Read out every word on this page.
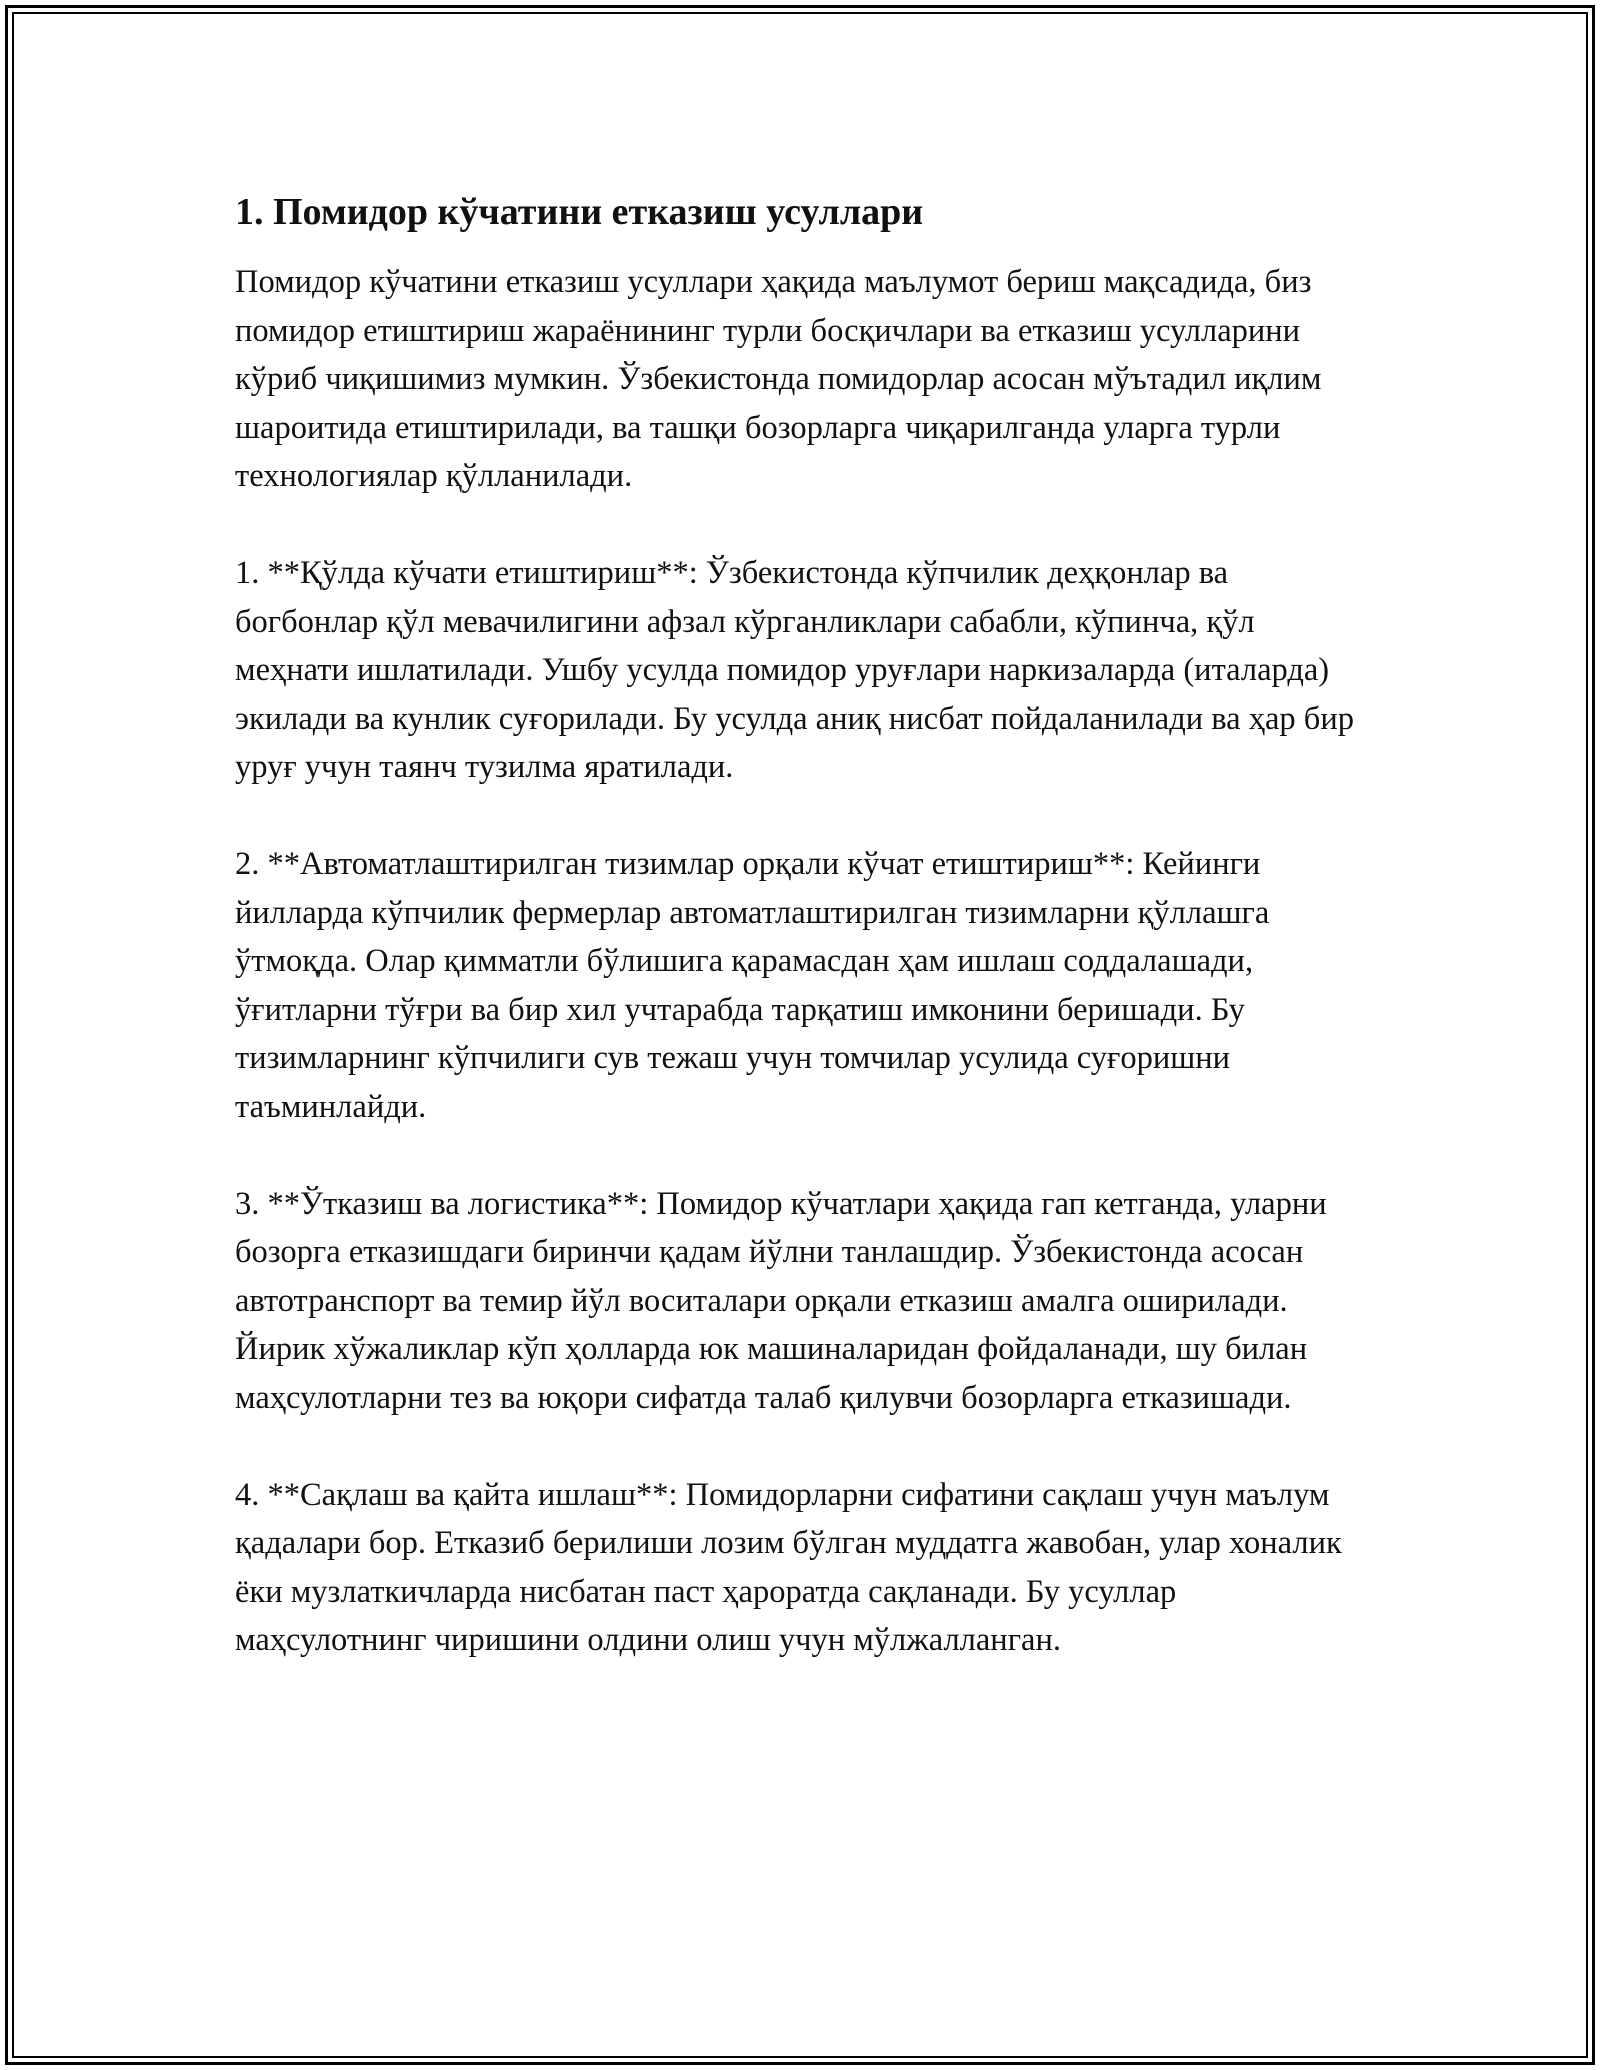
1. Помидор кўчатини етказиш усуллари

Помидор кўчатини етказиш усуллари ҳақида маълумот бериш мақсадида, биз помидор етиштириш жараёнининг турли босқичлари ва етказиш усулларини кўриб чиқишимиз мумкин. Ўзбекистонда помидорлар асосан мўътадил иқлим шароитида етиштирилади, ва ташқи бозорларга чиқарилганда уларга турли технологиялар қўлланилади.

1. **Қўлда кўчати етиштириш**: Ўзбекистонда кўпчилик деҳқонлар ва богбонлар қўл мевачилигини афзал кўрганликлари сабабли, кўпинча, қўл меҳнати ишлатилади. Ушбу усулда помидор уруғлари наркизаларда (италарда) экилади ва кунлик суғорилади. Бу усулда аниқ нисбат пойдаланилади ва ҳар бир уруғ учун таянч тузилма яратилади.

2. **Автоматлаштирилган тизимлар орқали кўчат етиштириш**: Кейинги йилларда кўпчилик фермерлар автоматлаштирилган тизимларни қўллашга ўтмоқда. Олар қимматли бўлишига қарамасдан ҳам ишлаш соддалашади, ўғитларни тўғри ва бир хил учтарабда тарқатиш имконини беришади. Бу тизимларнинг кўпчилиги сув тежаш учун томчилар усулида суғоришни таъминлайди.

3. **Ўтказиш ва логистика**: Помидор кўчатлари ҳақида гап кетганда, уларни бозорга етказишдаги биринчи қадам йўлни танлашдир. Ўзбекистонда асосан автотранспорт ва темир йўл воситалари орқали етказиш амалга оширилади. Йирик хўжаликлар кўп ҳолларда юк машиналаридан фойдаланади, шу билан маҳсулотларни тез ва юқори сифатда талаб қилувчи бозорларга етказишади.

4. **Сақлаш ва қайта ишлаш**: Помидорларни сифатини сақлаш учун маълум қадалари бор. Етказиб берилиши лозим бўлган муддатга жавобан, улар хоналик ёки музлаткичларда нисбатан паст ҳароратда сақланади. Бу усуллар маҳсулотнинг чиришини олдини олиш учун мўлжалланган.
